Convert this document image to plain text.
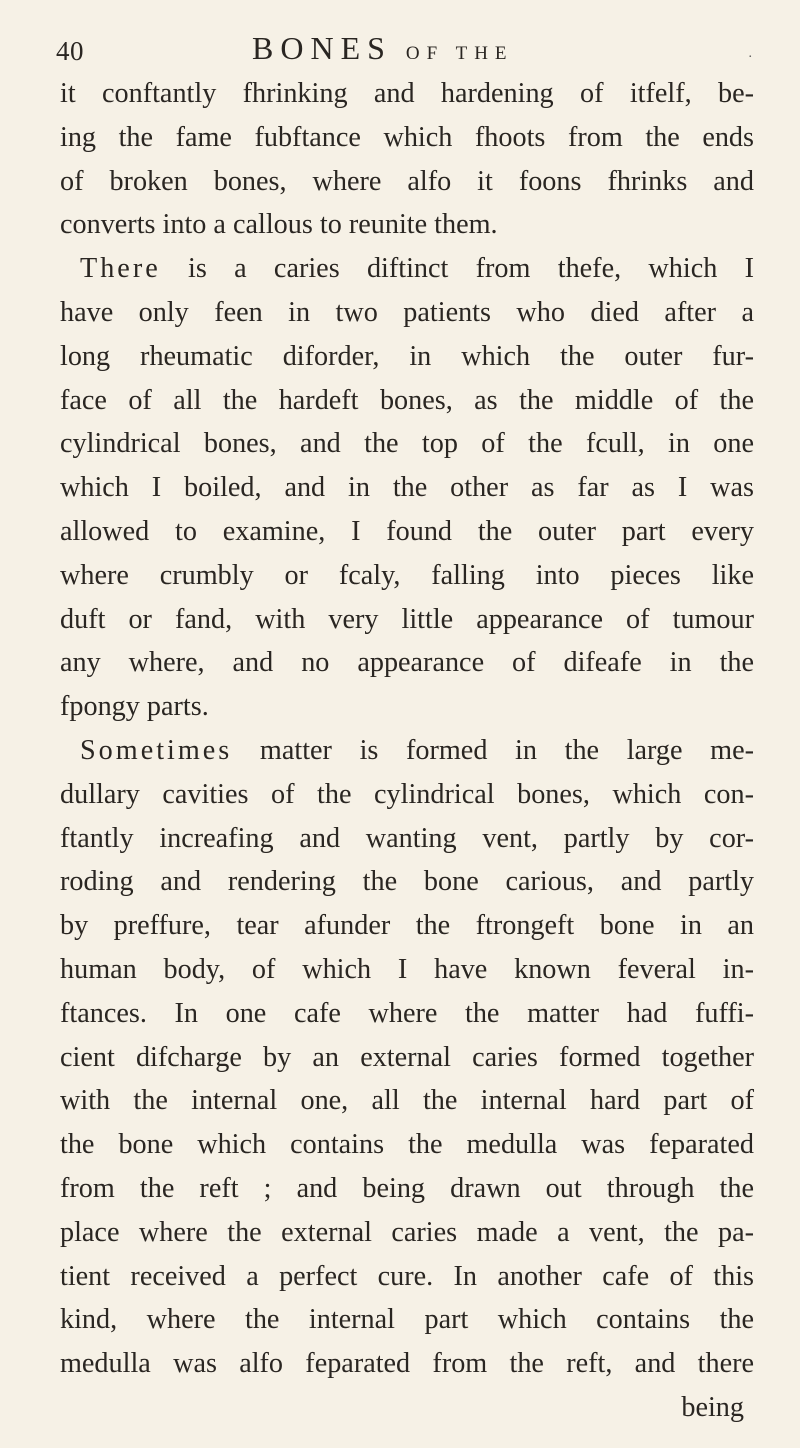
40	BONES OF THE	.
it conftantly fhrinking and hardening of itfelf, be-
ing the fame fubftance which fhoots from the ends
of broken bones, where alfo it foons fhrinks and
converts into a callous to reunite them.
There is a caries diftinct from thefe, which I
have only feen in two patients who died after a
long rheumatic diforder, in which the outer fur-
face of all the hardeft bones, as the middle of the
cylindrical bones, and the top of the fcull, in one
which I boiled, and in the other as far as I was
allowed to examine, I found the outer part every
where crumbly or fcaly, falling into pieces like
duft or fand, with very little appearance of tumour
any where, and no appearance of difeafe in the
fpongy parts.
Sometimes matter is formed in the large me-
dullary cavities of the cylindrical bones, which con-
ftantly increafing and wanting vent, partly by cor-
roding and rendering the bone carious, and partly
by preffure, tear afunder the ftrongeft bone in an
human body, of which I have known feveral in-
ftances. In one cafe where the matter had fuffi-
cient difcharge by an external caries formed together
with the internal one, all the internal hard part of
the bone which contains the medulla was feparated
from the reft ; and being drawn out through the
place where the external caries made a vent, the pa-
tient received a perfect cure. In another cafe of this
kind, where the internal part which contains the
medulla was alfo feparated from the reft, and there
being
